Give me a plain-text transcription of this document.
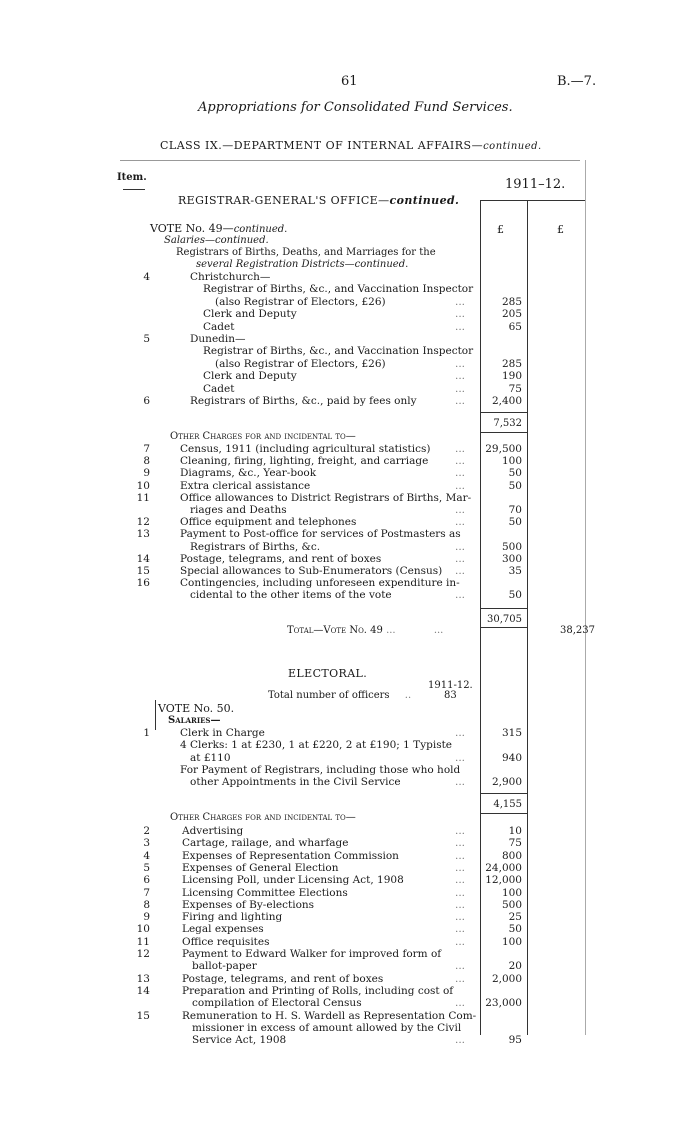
61	B.—7.
Appropriations for Consolidated Fund Services.
CLASS IX.—DEPARTMENT OF INTERNAL AFFAIRS—continued.
Item.	1911–12.
£	£
REGISTRAR-GENERAL'S OFFICE—continued.
VOTE No. 49—continued.
Salaries—continued.
Registrars of Births, Deaths, and Marriages for the
several Registration Districts—continued.
4	Christchurch—
Registrar of Births, &c., and Vaccination Inspector
(also Registrar of Electors, £26)	285
...
Clerk and Deputy	205
...
Cadet	65
...
5	Dunedin—
Registrar of Births, &c., and Vaccination Inspector
(also Registrar of Electors, £26)	285
...
Clerk and Deputy	190
...
Cadet	75
...
6	Registrars of Births, &c., paid by fees only	2,400
...
7,532
Other Charges for and incidental to—
7	Census, 1911 (including agricultural statistics)	29,500
...
8	Cleaning, firing, lighting, freight, and carriage	100
...
9	Diagrams, &c., Year-book	50
...
10	Extra clerical assistance	50
...
11	Office allowances to District Registrars of Births, Mar-
riages and Deaths	70
...
12	Office equipment and telephones	50
...
13	Payment to Post-office for services of Postmasters as
Registrars of Births, &c.	500
...
14	Postage, telegrams, and rent of boxes	300
...
15	Special allowances to Sub-Enumerators (Census)	35
...
16	Contingencies, including unforeseen expenditure in-
cidental to the other items of the vote	50
...
30,705
Total—Vote No. 49 ...	...	38,237
ELECTORAL.
1911-12.
Total number of officers ..	83
VOTE No. 50.
Salaries—
1	Clerk in Charge	315
...
4 Clerks: 1 at £230, 1 at £220, 2 at £190; 1 Typiste
at £110	940
...
For Payment of Registrars, including those who hold
other Appointments in the Civil Service	2,900
...
4,155
Other Charges for and incidental to—
2	Advertising	10
...
3	Cartage, railage, and wharfage	75
...
4	Expenses of Representation Commission	800
...
5	Expenses of General Election	24,000
...
6	Licensing Poll, under Licensing Act, 1908	12,000
...
7	Licensing Committee Elections	100
...
8	Expenses of By-elections	500
...
9	Firing and lighting	25
...
10	Legal expenses	50
...
11	Office requisites	100
...
12	Payment to Edward Walker for improved form of
ballot-paper	20
...
13	Postage, telegrams, and rent of boxes	2,000
...
14	Preparation and Printing of Rolls, including cost of
compilation of Electoral Census	23,000
...
15	Remuneration to H. S. Wardell as Representation Com-
missioner in excess of amount allowed by the Civil
Service Act, 1908	95
...
